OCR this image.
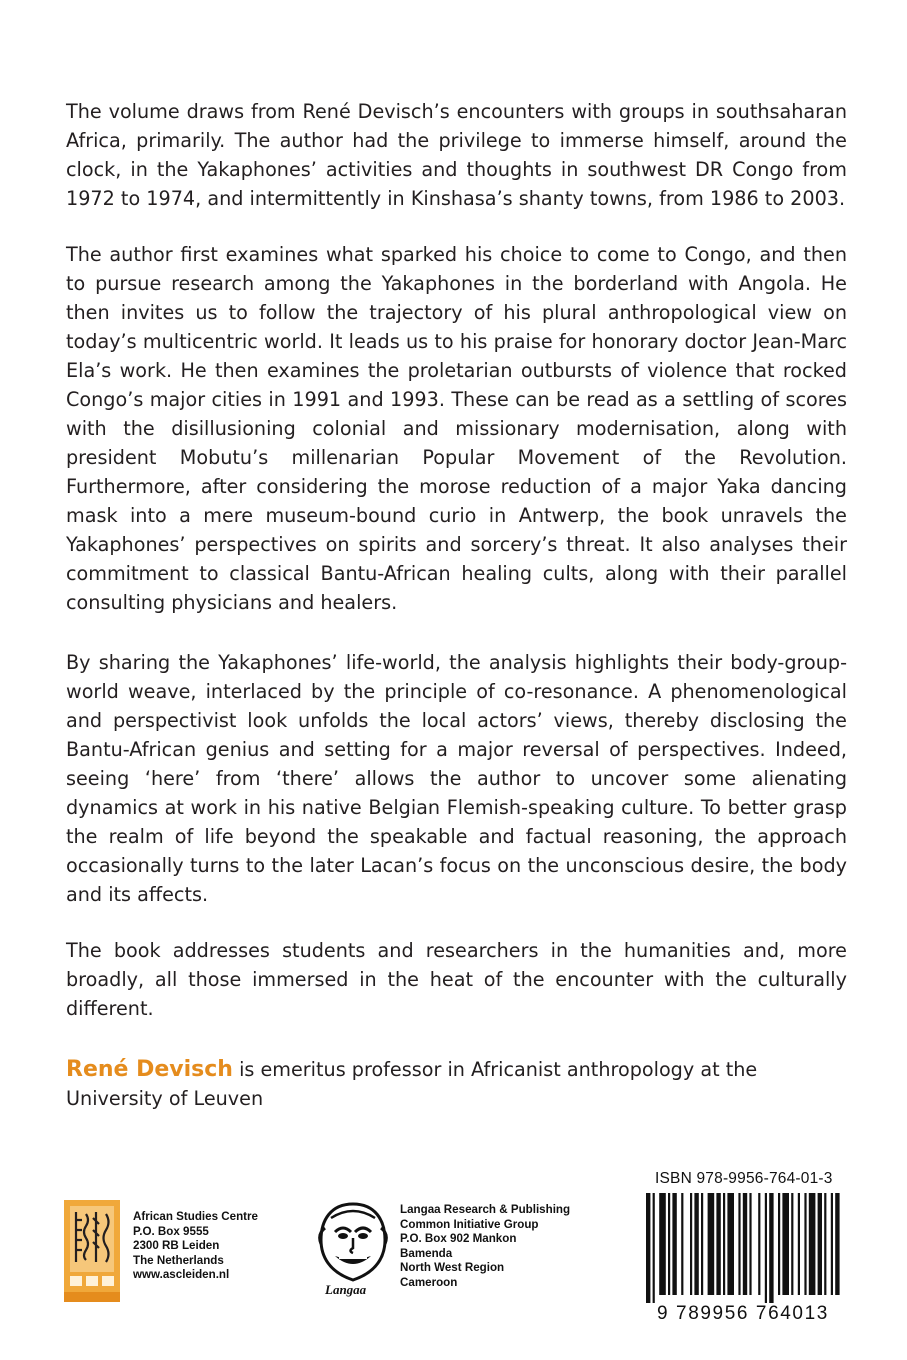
The volume draws from René Devisch’s encounters with groups in southsaharan Africa, primarily. The author had the privilege to immerse himself, around the clock, in the Yakaphones’ activities and thoughts in southwest DR Congo from 1972 to 1974, and intermittently in Kinshasa’s shanty towns, from 1986 to 2003.

The author first examines what sparked his choice to come to Congo, and then to pursue research among the Yakaphones in the borderland with Angola. He then invites us to follow the trajectory of his plural anthropological view on today’s multicentric world. It leads us to his praise for honorary doctor Jean-Marc Ela’s work. He then examines the proletarian outbursts of violence that rocked Congo’s major cities in 1991 and 1993. These can be read as a settling of scores with the disillusioning colonial and missionary modernisation, along with president Mobutu’s millenarian Popular Movement of the Revolution. Furthermore, after considering the morose reduction of a major Yaka dancing mask into a mere museum-bound curio in Antwerp, the book unravels the Yakaphones’ perspectives on spirits and sorcery’s threat. It also analyses their commitment to classical Bantu-African healing cults, along with their parallel consulting physicians and healers.

By sharing the Yakaphones’ life-world, the analysis highlights their body-group-world weave, interlaced by the principle of co-resonance. A phenomenological and perspectivist look unfolds the local actors’ views, thereby disclosing the Bantu-African genius and setting for a major reversal of perspectives. Indeed, seeing ‘here’ from ‘there’ allows the author to uncover some alienating dynamics at work in his native Belgian Flemish-speaking culture. To better grasp the realm of life beyond the speakable and factual reasoning, the approach occasionally turns to the later Lacan’s focus on the unconscious desire, the body and its affects.

The book addresses students and researchers in the humanities and, more broadly, all those immersed in the heat of the encounter with the culturally different.

René Devisch is emeritus professor in Africanist anthropology at the University of Leuven

African Studies Centre
P.O. Box 9555
2300 RB Leiden
The Netherlands
www.ascleiden.nl
Langaa
Langaa Research & Publishing
Common Initiative Group
P.O. Box 902 Mankon
Bamenda
North West Region
Cameroon
ISBN 978-9956-764-01-3
9 789956 764013
